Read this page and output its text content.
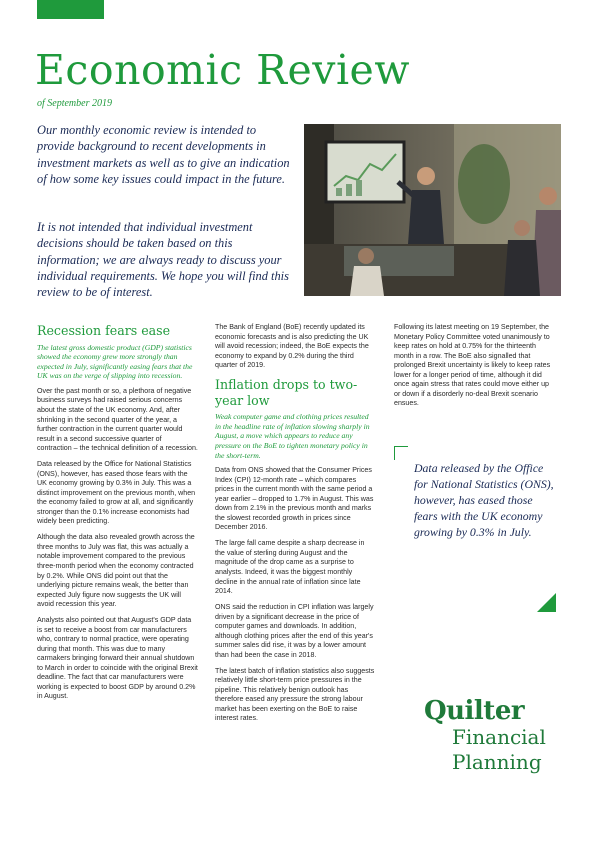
Economic Review
of September 2019

Our monthly economic review is intended to provide background to recent developments in investment markets as well as to give an indication of how some key issues could impact in the future.

It is not intended that individual investment decisions should be taken based on this information; we are always ready to discuss your individual requirements. We hope you will find this review to be of interest.

Recession fears ease

The latest gross domestic product (GDP) statistics showed the economy grew more strongly than expected in July, significantly easing fears that the UK was on the verge of slipping into recession.

Over the past month or so, a plethora of negative business surveys had raised serious concerns about the state of the UK economy. And, after shrinking in the second quarter of the year, a further contraction in the current quarter would result in a second successive quarter of contraction – the technical definition of a recession.

Data released by the Office for National Statistics (ONS), however, has eased those fears with the UK economy growing by 0.3% in July. This was a distinct improvement on the previous month, when the economy failed to grow at all, and significantly stronger than the 0.1% increase economists had widely been predicting.

Although the data also revealed growth across the three months to July was flat, this was actually a notable improvement compared to the previous three-month period when the economy contracted by 0.2%. While ONS did point out that the underlying picture remains weak, the better than expected July figure now suggests the UK will avoid recession this year.

Analysts also pointed out that August's GDP data is set to receive a boost from car manufacturers who, contrary to normal practice, were operating during that month. This was due to many carmakers bringing forward their annual shutdown to March in order to coincide with the original Brexit deadline. The fact that car manufacturers were working is expected to boost GDP by around 0.2% in August.

The Bank of England (BoE) recently updated its economic forecasts and is also predicting the UK will avoid recession; indeed, the BoE expects the economy to expand by 0.2% during the third quarter of 2019.

Inflation drops to two-year low

Weak computer game and clothing prices resulted in the headline rate of inflation slowing sharply in August, a move which appears to reduce any pressure on the BoE to tighten monetary policy in the short-term.

Data from ONS showed that the Consumer Prices Index (CPI) 12-month rate – which compares prices in the current month with the same period a year earlier – dropped to 1.7% in August. This was down from 2.1% in the previous month and marks the slowest recorded growth in prices since December 2016.

The large fall came despite a sharp decrease in the value of sterling during August and the magnitude of the drop came as a surprise to analysts. Indeed, it was the biggest monthly decline in the annual rate of inflation since late 2014.

ONS said the reduction in CPI inflation was largely driven by a significant decrease in the price of computer games and downloads. In addition, although clothing prices after the end of this year's summer sales did rise, it was by a lower amount than had been the case in 2018.

The latest batch of inflation statistics also suggests relatively little short-term price pressures in the pipeline. This relatively benign outlook has therefore eased any pressure the strong labour market has been exerting on the BoE to raise interest rates.

Following its latest meeting on 19 September, the Monetary Policy Committee voted unanimously to keep rates on hold at 0.75% for the thirteenth month in a row. The BoE also signalled that prolonged Brexit uncertainty is likely to keep rates lower for a longer period of time, although it did once again stress that rates could move either up or down if a disorderly no-deal Brexit scenario ensues.

Data released by the Office for National Statistics (ONS), however, has eased those fears with the UK economy growing by 0.3% in July.

Quilter
Financial
Planning
